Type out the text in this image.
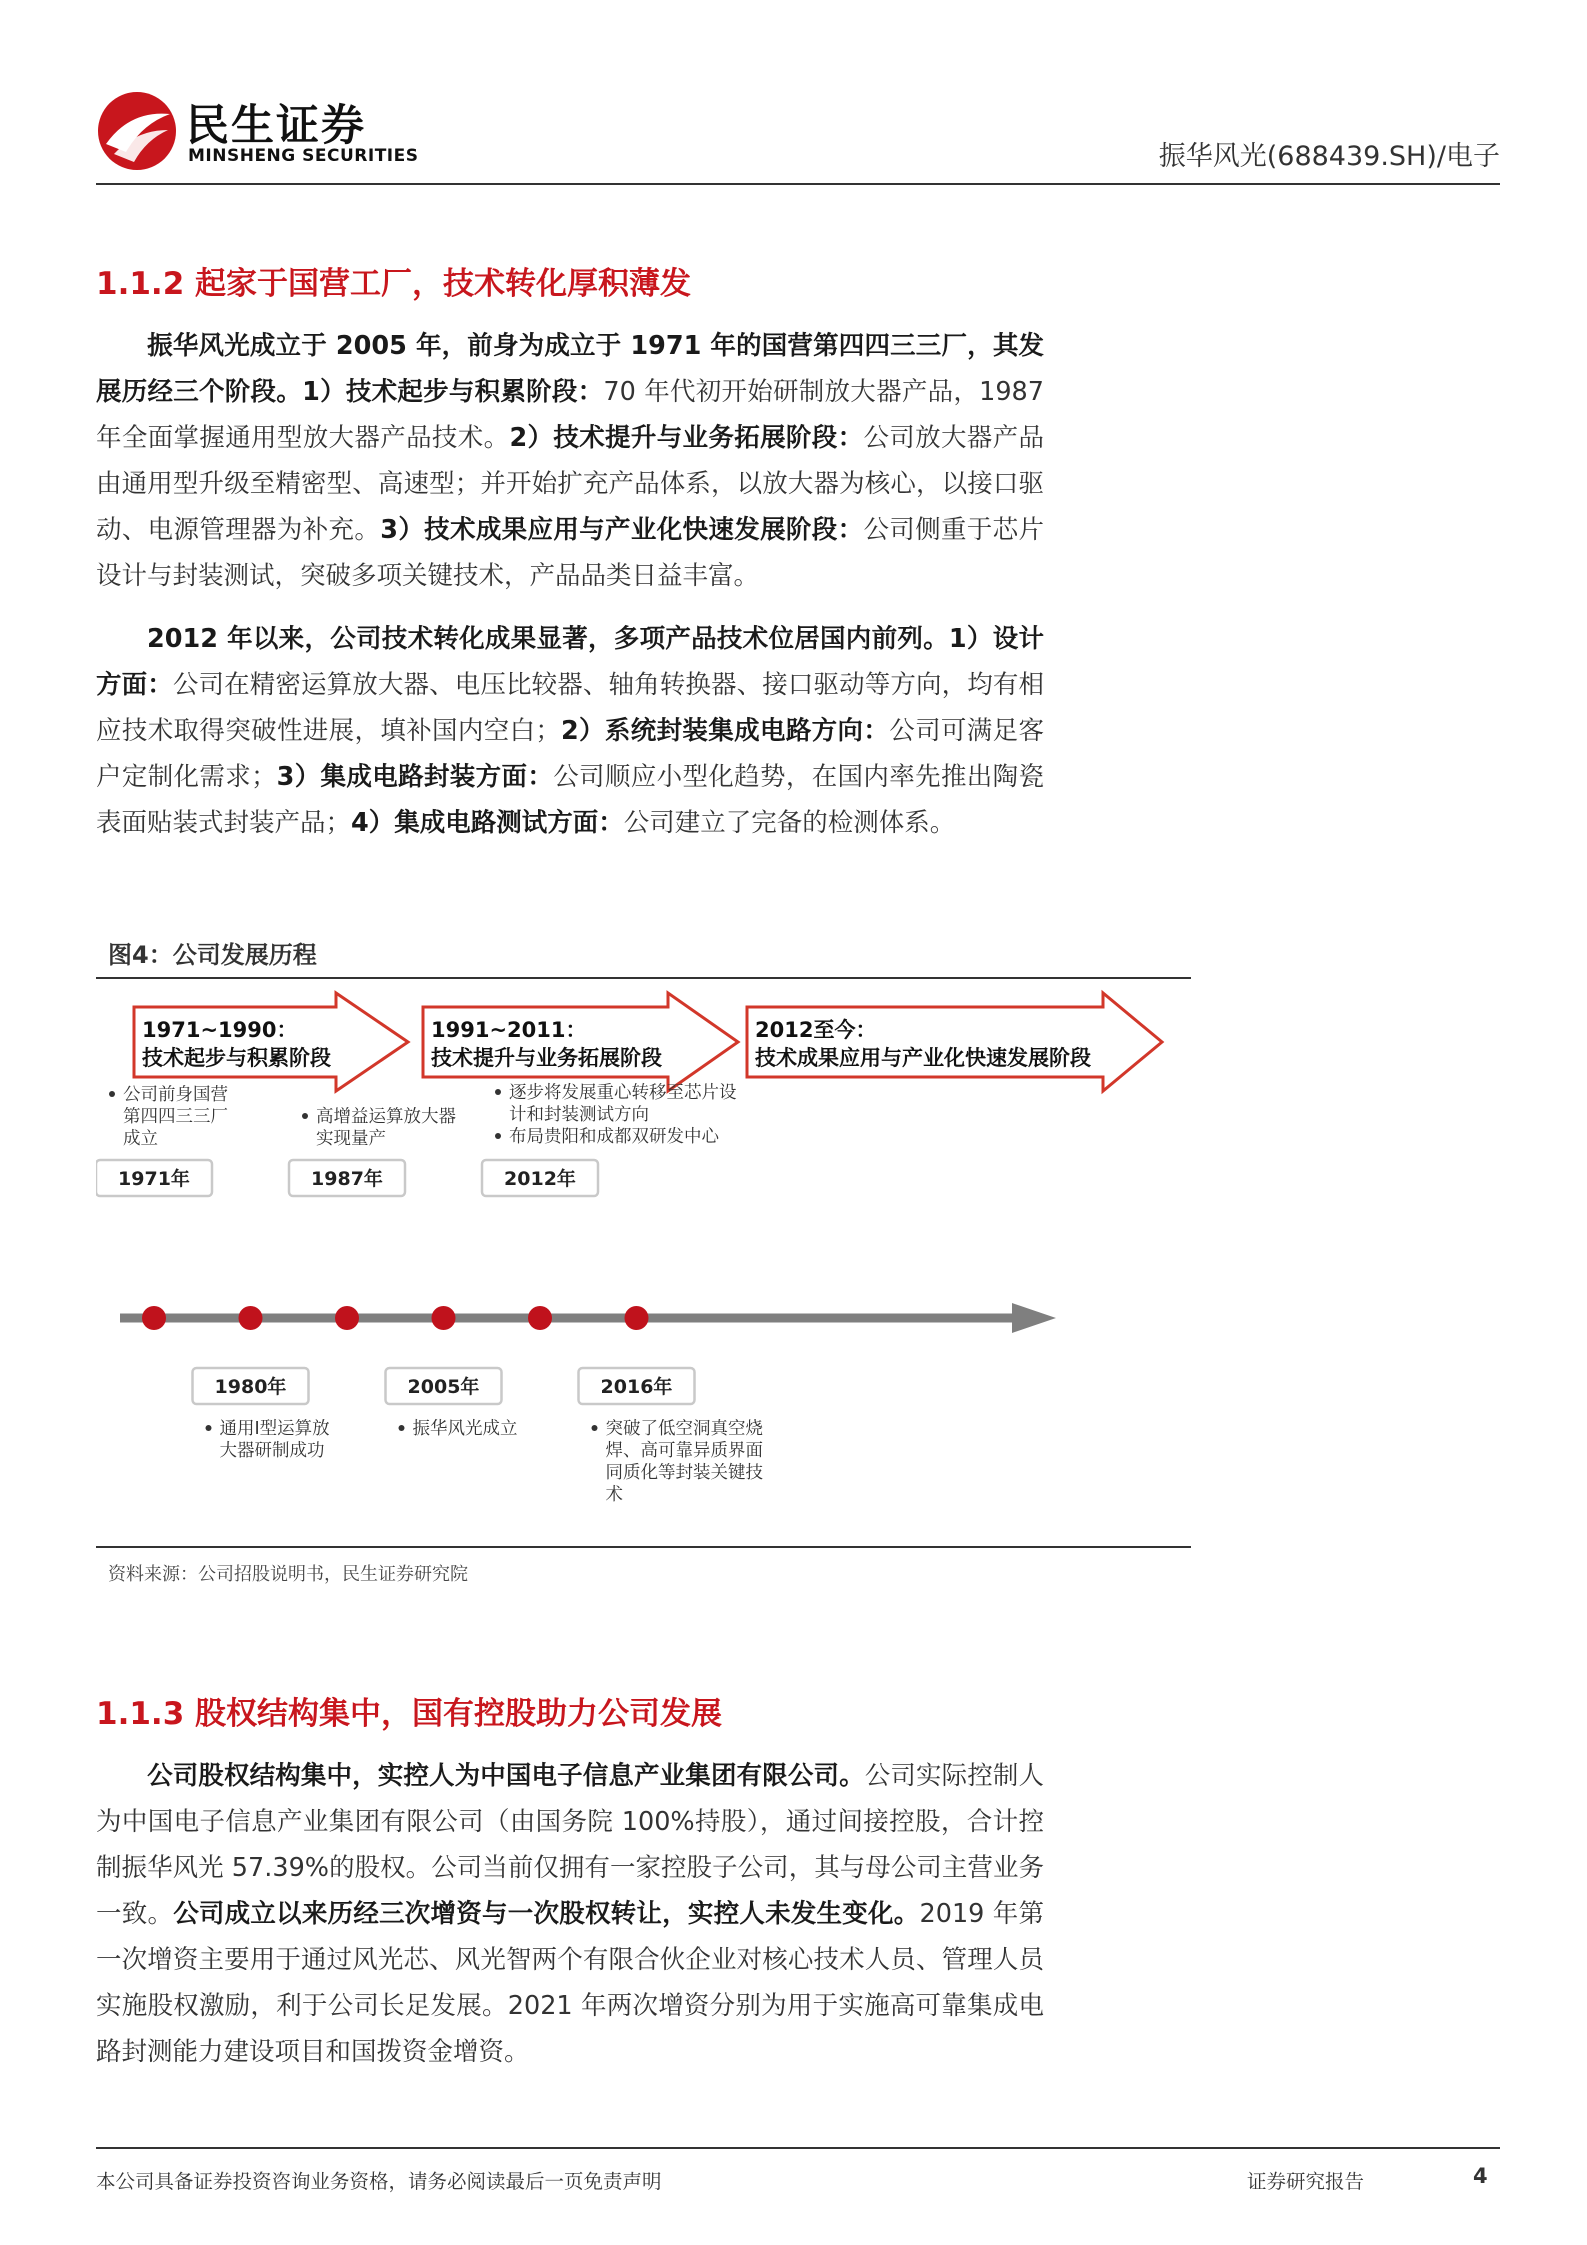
民生证券
MINSHENG SECURITIES	振华风光(688439.SH)/电子
1.1.2 起家于国营工厂，技术转化厚积薄发

振华风光成立于 2005 年，前身为成立于 1971 年的国营第四四三三厂，其发展历经三个阶段。1）技术起步与积累阶段：70 年代初开始研制放大器产品，1987 年全面掌握通用型放大器产品技术。2）技术提升与业务拓展阶段：公司放大器产品由通用型升级至精密型、高速型；并开始扩充产品体系，以放大器为核心，以接口驱动、电源管理器为补充。3）技术成果应用与产业化快速发展阶段：公司侧重于芯片设计与封装测试，突破多项关键技术，产品品类日益丰富。

2012 年以来，公司技术转化成果显著，多项产品技术位居国内前列。1）设计方面：公司在精密运算放大器、电压比较器、轴角转换器、接口驱动等方向，均有相应技术取得突破性进展，填补国内空白；2）系统封装集成电路方向：公司可满足客户定制化需求；3）集成电路封装方面：公司顺应小型化趋势，在国内率先推出陶瓷表面贴装式封装产品；4）集成电路测试方面：公司建立了完备的检测体系。

图4：公司发展历程
1971~1990：
技术起步与积累阶段
1991~2011：
技术提升与业务拓展阶段
2012至今：
技术成果应用与产业化快速发展阶段
1971年
公司前身国营
第四四三三厂
成立
1980年
通用Ⅰ型运算放
大器研制成功
1987年
高增益运算放大器
实现量产
2005年
振华风光成立
2012年
逐步将发展重心转移至芯片设
计和封装测试方向
布局贵阳和成都双研发中心
2016年
突破了低空洞真空烧
焊、高可靠异质界面
同质化等封装关键技
术
资料来源：公司招股说明书，民生证券研究院
1.1.3 股权结构集中，国有控股助力公司发展

公司股权结构集中，实控人为中国电子信息产业集团有限公司。公司实际控制人为中国电子信息产业集团有限公司（由国务院 100%持股），通过间接控股，合计控制振华风光 57.39%的股权。公司当前仅拥有一家控股子公司，其与母公司主营业务一致。公司成立以来历经三次增资与一次股权转让，实控人未发生变化。2019 年第一次增资主要用于通过风光芯、风光智两个有限合伙企业对核心技术人员、管理人员实施股权激励，利于公司长足发展。2021 年两次增资分别为用于实施高可靠集成电路封测能力建设项目和国拨资金增资。

本公司具备证券投资咨询业务资格，请务必阅读最后一页免责声明	证券研究报告	4
